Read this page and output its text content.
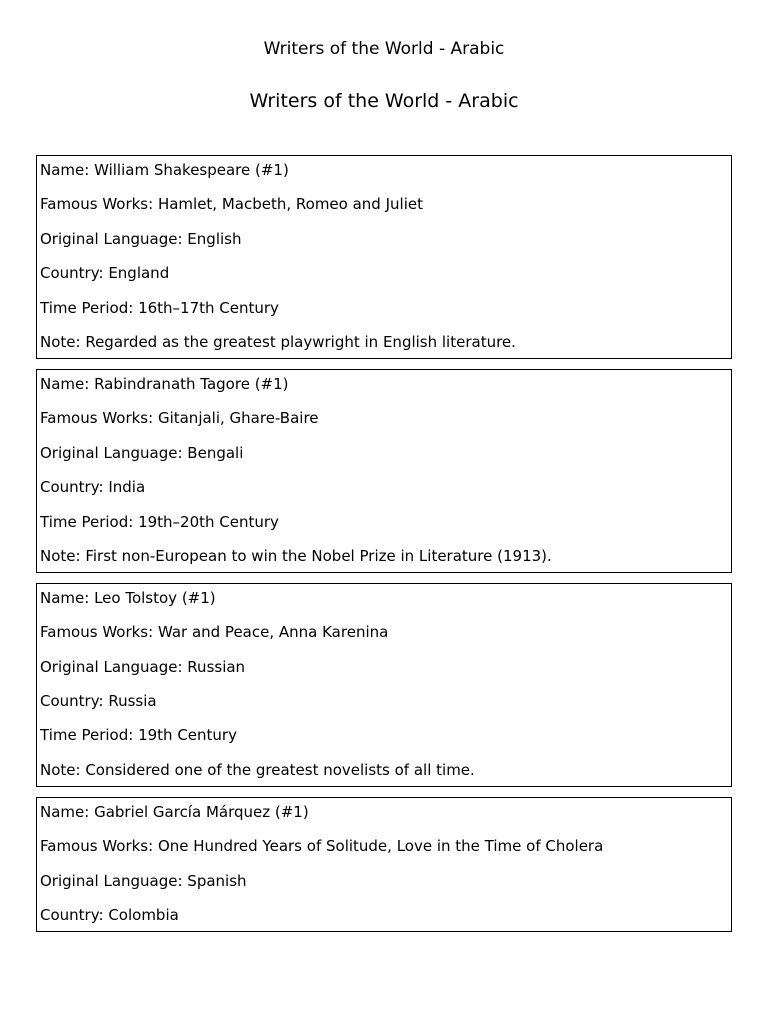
Writers of the World - Arabic
Writers of the World - Arabic
Name: William Shakespeare (#1)
Famous Works: Hamlet, Macbeth, Romeo and Juliet
Original Language: English
Country: England
Time Period: 16th–17th Century
Note: Regarded as the greatest playwright in English literature.
Name: Rabindranath Tagore (#1)
Famous Works: Gitanjali, Ghare-Baire
Original Language: Bengali
Country: India
Time Period: 19th–20th Century
Note: First non-European to win the Nobel Prize in Literature (1913).
Name: Leo Tolstoy (#1)
Famous Works: War and Peace, Anna Karenina
Original Language: Russian
Country: Russia
Time Period: 19th Century
Note: Considered one of the greatest novelists of all time.
Name: Gabriel García Márquez (#1)
Famous Works: One Hundred Years of Solitude, Love in the Time of Cholera
Original Language: Spanish
Country: Colombia
